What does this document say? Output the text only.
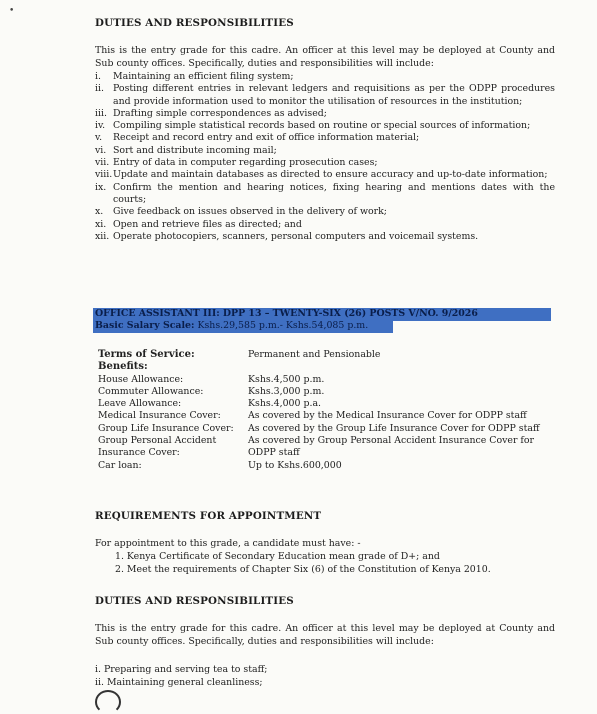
•
DUTIES AND RESPONSIBILITIES
This is the entry grade for this cadre. An officer at this level may be deployed at County and Sub county offices. Specifically, duties and responsibilities will include:
i. Maintaining an efficient filing system;
ii. Posting different entries in relevant ledgers and requisitions as per the ODPP procedures and provide information used to monitor the utilisation of resources in the institution;
iii. Drafting simple correspondences as advised;
iv. Compiling simple statistical records based on routine or special sources of information;
v. Receipt and record entry and exit of office information material;
vi. Sort and distribute incoming mail;
vii. Entry of data in computer regarding prosecution cases;
viii. Update and maintain databases as directed to ensure accuracy and up-to-date information;
ix. Confirm the mention and hearing notices, fixing hearing and mentions dates with the courts;
x. Give feedback on issues observed in the delivery of work;
xi. Open and retrieve files as directed; and
xii. Operate photocopiers, scanners, personal computers and voicemail systems.
OFFICE ASSISTANT III: DPP 13 – TWENTY-SIX (26) POSTS V/NO. 9/2026
Basic Salary Scale: Kshs.29,585 p.m.- Kshs.54,085 p.m.
Terms of Service:	Permanent and Pensionable
Benefits:
House Allowance:	Kshs.4,500 p.m.
Commuter Allowance:	Kshs.3,000 p.m.
Leave Allowance:	Kshs.4,000 p.a.
Medical Insurance Cover:	As covered by the Medical Insurance Cover for ODPP staff
Group Life Insurance Cover:	As covered by the Group Life Insurance Cover for ODPP staff
Group Personal Accident Insurance Cover:
As covered by Group Personal Accident Insurance Cover for ODPP staff
Car loan:	Up to Kshs.600,000
REQUIREMENTS FOR APPOINTMENT
For appointment to this grade, a candidate must have: -
1. Kenya Certificate of Secondary Education mean grade of D+; and
2. Meet the requirements of Chapter Six (6) of the Constitution of Kenya 2010.
DUTIES AND RESPONSIBILITIES
This is the entry grade for this cadre. An officer at this level may be deployed at County and Sub county offices. Specifically, duties and responsibilities will include:
i. Preparing and serving tea to staff;
ii. Maintaining general cleanliness;
